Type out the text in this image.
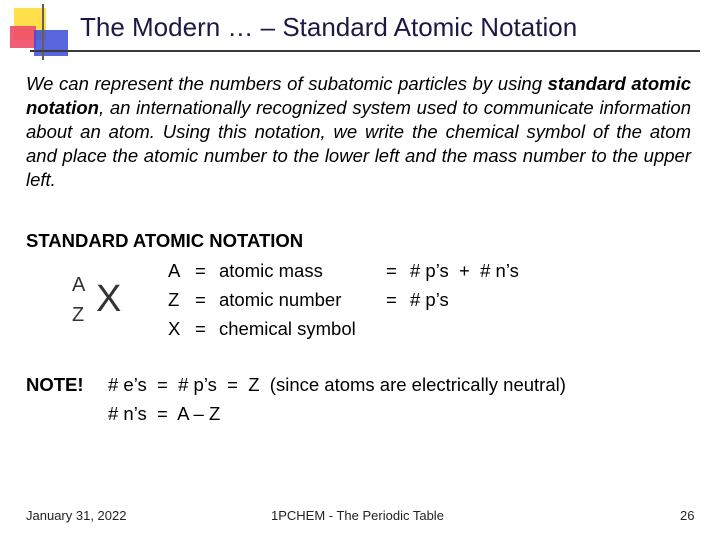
The Modern … – Standard Atomic Notation
We can represent the numbers of subatomic particles by using standard atomic notation, an internationally recognized system used to communicate information about an atom. Using this notation, we write the chemical symbol of the atom and place the atomic number to the lower left and the mass number to the upper left.
STANDARD ATOMIC NOTATION
A
Z X
A = atomic mass	= # p’s  +  # n’s
Z = atomic number = # p’s
X = chemical symbol
NOTE! # e’s  =  # p’s  =  Z  (since atoms are electrically neutral)
# n’s  =  A – Z
January 31, 2022	1PCHEM - The Periodic Table	26
